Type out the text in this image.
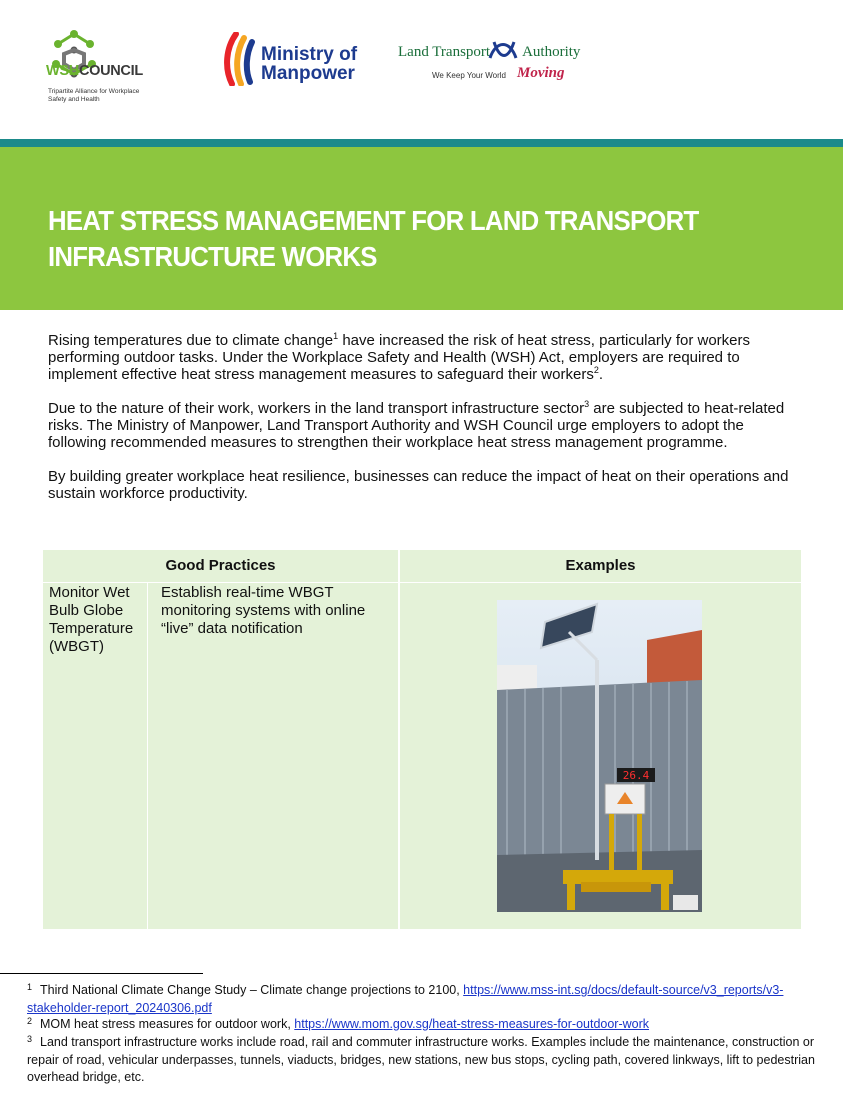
WSHCOUNCIL
Tripartite Alliance for Workplace Safety and Health
Ministry of
Manpower
Land Transport Authority
We Keep Your World Moving
HEAT STRESS MANAGEMENT FOR LAND TRANSPORT INFRASTRUCTURE WORKS

Rising temperatures due to climate change$^1$ have increased the risk of heat stress, particularly for workers performing outdoor tasks. Under the Workplace Safety and Health (WSH) Act, employers are required to implement effective heat stress management measures to safeguard their workers$^2$.

Due to the nature of their work, workers in the land transport infrastructure sector$^3$ are subjected to heat-related risks. The Ministry of Manpower, Land Transport Authority and WSH Council urge employers to adopt the following recommended measures to strengthen their workplace heat stress management programme.

By building greater workplace heat resilience, businesses can reduce the impact of heat on their operations and sustain workforce productivity.

Good Practices	Examples
Monitor Wet Bulb Globe Temperature (WBGT)
Establish real-time WBGT monitoring systems with online “live” data notification
26.4
$^1$ Third National Climate Change Study – Climate change projections to 2100, https://www.mss-int.sg/docs/default-source/v3_reports/v3-stakeholder-report_20240306.pdf
$^2$ MOM heat stress measures for outdoor work, https://www.mom.gov.sg/heat-stress-measures-for-outdoor-work
$^3$ Land transport infrastructure works include road, rail and commuter infrastructure works. Examples include the maintenance, construction or repair of road, vehicular underpasses, tunnels, viaducts, bridges, new stations, new bus stops, cycling path, covered linkways, lift to pedestrian overhead bridge, etc.
